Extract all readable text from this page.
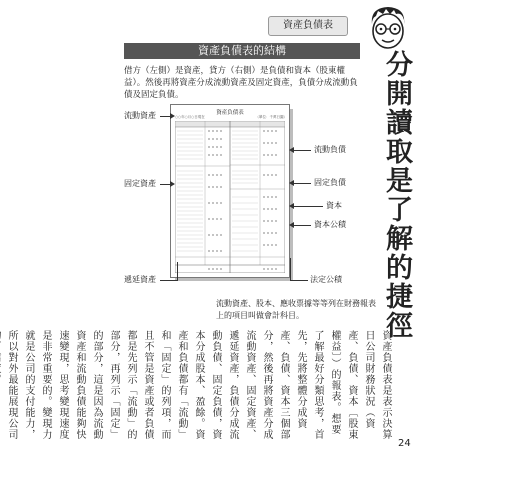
資產負債表
分開讀取是了解的捷徑
資產負債表的結構
借方（左側）是資產，貸方（右側）是負債和資本（股東權益）。然後再將資產分成流動資產及固定資產，負債分成流動負債及固定負債。
資產負債表
○○年○月○日現在	（單位：千萬日圓）
流動資產
固定資產
遞延資產
流動負債
固定負債
資本
資本公積
法定公積
流動資產、股本、應收票據等等列在財務報表上的項目叫做會計科目。
資產負債表是表示決算日公司財務狀況（資產、負債、資本〔股東權益〕）的報表。想要了解最好分類思考，首先，先將整體分成資產、負債、資本三個部分，然後再將資產分成流動資產、固定資產、遞延資產，負債分成流動負債、固定負債，資本分成股本、盈餘。資產和負債都有「流動」和「固定」的列項，而且不管是資產或者負債都是先列示「流動」的部分，再列示「固定」的部分，這是因為流動資產和流動負債能夠快速變現，思考變現速度是非常重要的。變現力就是公司的支付能力，所以對外最能展現公司
24
